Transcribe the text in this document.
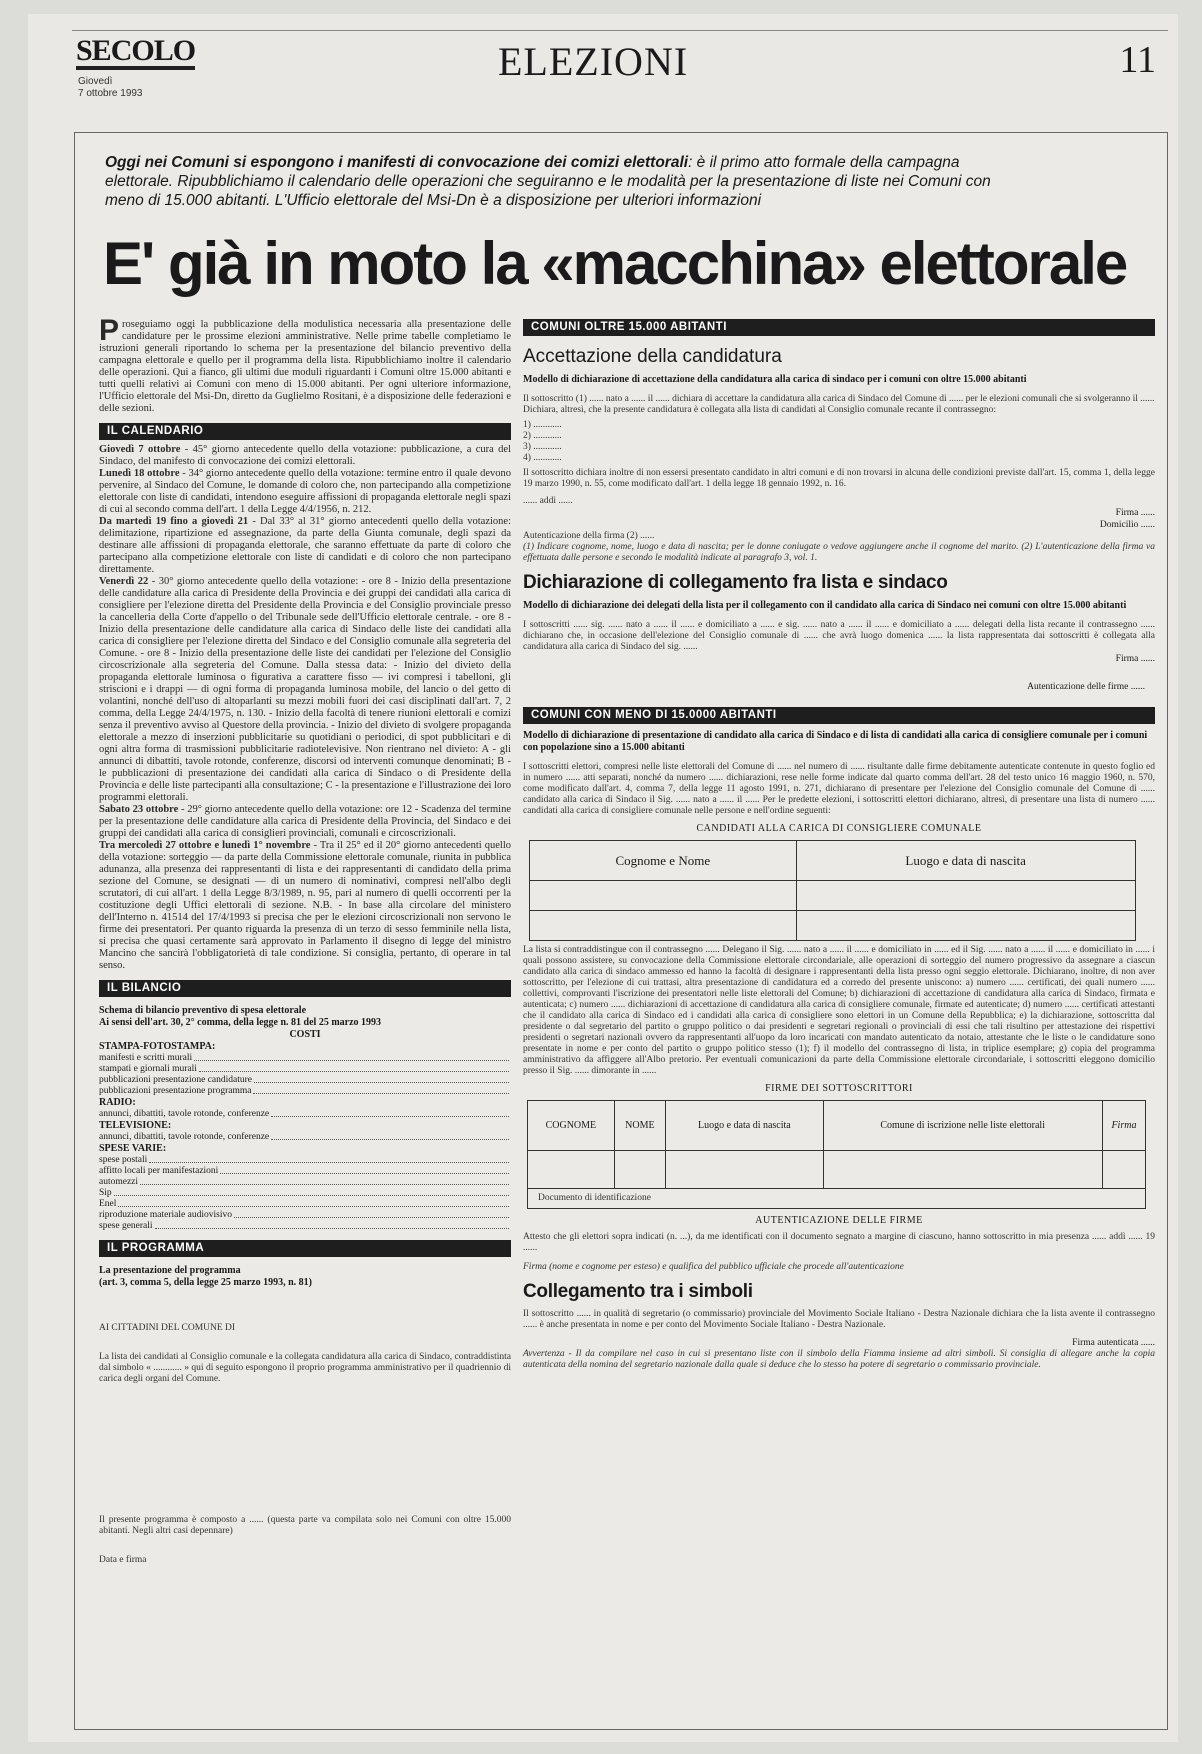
SECOLO
Giovedì
7 ottobre 1993
ELEZIONI	11
Oggi nei Comuni si espongono i manifesti di convocazione dei comizi elettorali: è il primo atto formale della campagna elettorale. Ripubblichiamo il calendario delle operazioni che seguiranno e le modalità per la presentazione di liste nei Comuni con meno di 15.000 abitanti. L'Ufficio elettorale del Msi-Dn è a disposizione per ulteriori informazioni
E' già in moto la «macchina» elettorale
Proseguiamo oggi la pubblicazione della modulistica necessaria alla presentazione delle candidature per le prossime elezioni amministrative. Nelle prime tabelle completiamo le istruzioni generali riportando lo schema per la presentazione del bilancio preventivo della campagna elettorale e quello per il programma della lista. Ripubblichiamo inoltre il calendario delle operazioni. Qui a fianco, gli ultimi due moduli riguardanti i Comuni oltre 15.000 abitanti e tutti quelli relativi ai Comuni con meno di 15.000 abitanti. Per ogni ulteriore informazione, l'Ufficio elettorale del Msi-Dn, diretto da Guglielmo Rositani, è a disposizione delle federazioni e delle sezioni.
IL CALENDARIO
Giovedì 7 ottobre - 45° giorno antecedente quello della votazione: pubblicazione, a cura del Sindaco, del manifesto di convocazione dei comizi elettorali.
Lunedì 18 ottobre - 34° giorno antecedente quello della votazione: termine entro il quale devono pervenire, al Sindaco del Comune, le domande di coloro che, non partecipando alla competizione elettorale con liste di candidati, intendono eseguire affissioni di propaganda elettorale negli spazi di cui al secondo comma dell'art. 1 della Legge 4/4/1956, n. 212.
Da martedì 19 fino a giovedì 21 - Dal 33° al 31° giorno antecedenti quello della votazione: delimitazione, ripartizione ed assegnazione, da parte della Giunta comunale, degli spazi da destinare alle affissioni di propaganda elettorale, che saranno effettuate da parte di coloro che partecipano alla competizione elettorale con liste di candidati e di coloro che non partecipano direttamente.
Venerdì 22 - 30° giorno antecedente quello della votazione: - ore 8 - Inizio della presentazione delle candidature alla carica di Presidente della Provincia e dei gruppi dei candidati alla carica di consigliere per l'elezione diretta del Presidente della Provincia e del Consiglio provinciale presso la cancelleria della Corte d'appello o del Tribunale sede dell'Ufficio elettorale centrale. - ore 8 - Inizio della presentazione delle candidature alla carica di Sindaco delle liste dei candidati alla carica di consigliere per l'elezione diretta del Sindaco e del Consiglio comunale alla segreteria del Comune. - ore 8 - Inizio della presentazione delle liste dei candidati per l'elezione del Consiglio circoscrizionale alla segreteria del Comune. Dalla stessa data: - Inizio del divieto della propaganda elettorale luminosa o figurativa a carattere fisso — ivi compresi i tabelloni, gli striscioni e i drappi — di ogni forma di propaganda luminosa mobile, del lancio o del getto di volantini, nonché dell'uso di altoparlanti su mezzi mobili fuori dei casi disciplinati dall'art. 7, 2 comma, della Legge 24/4/1975, n. 130. - Inizio della facoltà di tenere riunioni elettorali e comizi senza il preventivo avviso al Questore della provincia. - Inizio del divieto di svolgere propaganda elettorale a mezzo di inserzioni pubblicitarie su quotidiani o periodici, di spot pubblicitari e di ogni altra forma di trasmissioni pubblicitarie radiotelevisive. Non rientrano nel divieto: A - gli annunci di dibattiti, tavole rotonde, conferenze, discorsi od interventi comunque denominati; B - le pubblicazioni di presentazione dei candidati alla carica di Sindaco o di Presidente della Provincia e delle liste partecipanti alla consultazione; C - la presentazione e l'illustrazione dei loro programmi elettorali.
Sabato 23 ottobre - 29° giorno antecedente quello della votazione: ore 12 - Scadenza del termine per la presentazione delle candidature alla carica di Presidente della Provincia, del Sindaco e dei gruppi dei candidati alla carica di consiglieri provinciali, comunali e circoscrizionali.
Tra mercoledì 27 ottobre e lunedì 1° novembre - Tra il 25° ed il 20° giorno antecedenti quello della votazione: sorteggio — da parte della Commissione elettorale comunale, riunita in pubblica adunanza, alla presenza dei rappresentanti di lista e dei rappresentanti di candidato della prima sezione del Comune, se designati — di un numero di nominativi, compresi nell'albo degli scrutatori, di cui all'art. 1 della Legge 8/3/1989, n. 95, pari al numero di quelli occorrenti per la costituzione degli Uffici elettorali di sezione. N.B. - In base alla circolare del ministero dell'Interno n. 41514 del 17/4/1993 si precisa che per le elezioni circoscrizionali non servono le firme dei presentatori. Per quanto riguarda la presenza di un terzo di sesso femminile nella lista, si precisa che quasi certamente sarà approvato in Parlamento il disegno di legge del ministro Mancino che sancirà l'obbligatorietà di tale condizione. Si consiglia, pertanto, di operare in tal senso.
IL BILANCIO
Schema di bilancio preventivo di spesa elettorale
Ai sensi dell'art. 30, 2° comma, della legge n. 81 del 25 marzo 1993
COSTI
STAMPA-FOTOSTAMPA:
manifesti e scritti murali
stampati e giornali murali
pubblicazioni presentazione candidature
pubblicazioni presentazione programma
RADIO:
annunci, dibattiti, tavole rotonde, conferenze
TELEVISIONE:
annunci, dibattiti, tavole rotonde, conferenze
SPESE VARIE:
spese postali
affitto locali per manifestazioni
automezzi
Sip
Enel
riproduzione materiale audiovisivo
spese generali
IL PROGRAMMA
La presentazione del programma
(art. 3, comma 5, della legge 25 marzo 1993, n. 81)
AI CITTADINI DEL COMUNE DI
La lista dei candidati al Consiglio comunale e la collegata candidatura alla carica di Sindaco, contraddistinta dal simbolo « ............ » qui di seguito espongono il proprio programma amministrativo per il quadriennio di carica degli organi del Comune.
Il presente programma è composto a ...... (questa parte va compilata solo nei Comuni con oltre 15.000 abitanti. Negli altri casi depennare)
Data e firma
COMUNI OLTRE 15.000 ABITANTI
Accettazione della candidatura
Modello di dichiarazione di accettazione della candidatura alla carica di sindaco per i comuni con oltre 15.000 abitanti
Il sottoscritto (1) ...... nato a ...... il ...... dichiara di accettare la candidatura alla carica di Sindaco del Comune di ...... per le elezioni comunali che si svolgeranno il ......
Dichiara, altresì, che la presente candidatura è collegata alla lista di candidati al Consiglio comunale recante il contrassegno:
1) ............
2) ............
3) ............
4) ............
Il sottoscritto dichiara inoltre di non essersi presentato candidato in altri comuni e di non trovarsi in alcuna delle condizioni previste dall'art. 15, comma 1, della legge 19 marzo 1990, n. 55, come modificato dall'art. 1 della legge 18 gennaio 1992, n. 16.
...... addì ......
Firma ......
Domicilio ......
Autenticazione della firma (2) ......
(1) Indicare cognome, nome, luogo e data di nascita; per le donne coniugate o vedove aggiungere anche il cognome del marito. (2) L'autenticazione della firma va effettuata dalle persone e secondo le modalità indicate al paragrafo 3, vol. 1.
Dichiarazione di collegamento fra lista e sindaco
Modello di dichiarazione dei delegati della lista per il collegamento con il candidato alla carica di Sindaco nei comuni con oltre 15.000 abitanti
I sottoscritti ...... sig. ...... nato a ...... il ...... e domiciliato a ...... e sig. ...... nato a ...... il ...... e domiciliato a ...... delegati della lista recante il contrassegno ...... dichiarano che, in occasione dell'elezione del Consiglio comunale di ...... che avrà luogo domenica ...... la lista rappresentata dai sottoscritti è collegata alla candidatura alla carica di Sindaco del sig. ......
Firma ......
Autenticazione delle firme ......
COMUNI CON MENO DI 15.0000 ABITANTI
Modello di dichiarazione di presentazione di candidato alla carica di Sindaco e di lista di candidati alla carica di consigliere comunale per i comuni con popolazione sino a 15.000 abitanti
I sottoscritti elettori, compresi nelle liste elettorali del Comune di ...... nel numero di ...... risultante dalle firme debitamente autenticate contenute in questo foglio ed in numero ...... atti separati, nonché da numero ...... dichiarazioni, rese nelle forme indicate dal quarto comma dell'art. 28 del testo unico 16 maggio 1960, n. 570, come modificato dall'art. 4, comma 7, della legge 11 agosto 1991, n. 271, dichiarano di presentare per l'elezione del Consiglio comunale del Comune di ...... candidato alla carica di Sindaco il Sig. ...... nato a ...... il ...... Per le predette elezioni, i sottoscritti elettori dichiarano, altresì, di presentare una lista di numero ...... candidati alla carica di consigliere comunale nelle persone e nell'ordine seguenti:
CANDIDATI ALLA CARICA DI CONSIGLIERE COMUNALE
Cognome e Nome	Luogo e data di nascita

La lista si contraddistingue con il contrassegno ...... Delegano il Sig. ...... nato a ...... il ...... e domiciliato in ...... ed il Sig. ...... nato a ...... il ...... e domiciliato in ...... i quali possono assistere, su convocazione della Commissione elettorale circondariale, alle operazioni di sorteggio del numero progressivo da assegnare a ciascun candidato alla carica di sindaco ammesso ed hanno la facoltà di designare i rappresentanti della lista presso ogni seggio elettorale. Dichiarano, inoltre, di non aver sottoscritto, per l'elezione di cui trattasi, altra presentazione di candidatura ed a corredo del presente uniscono: a) numero ...... certificati, dei quali numero ...... collettivi, comprovanti l'iscrizione dei presentatori nelle liste elettorali del Comune; b) dichiarazioni di accettazione di candidatura alla carica di Sindaco, firmata e autenticata; c) numero ...... dichiarazioni di accettazione di candidatura alla carica di consigliere comunale, firmate ed autenticate; d) numero ...... certificati attestanti che il candidato alla carica di Sindaco ed i candidati alla carica di consigliere sono elettori in un Comune della Repubblica; e) la dichiarazione, sottoscritta dal presidente o dal segretario del partito o gruppo politico o dai presidenti e segretari regionali o provinciali di essi che tali risultino per attestazione dei rispettivi presidenti o segretari nazionali ovvero da rappresentanti all'uopo da loro incaricati con mandato autenticato da notaio, attestante che le liste o le candidature sono presentate in nome e per conto del partito o gruppo politico stesso (1); f) il modello del contrassegno di lista, in triplice esemplare; g) copia del programma amministrativo da affiggere all'Albo pretorio. Per eventuali comunicazioni da parte della Commissione elettorale circondariale, i sottoscritti eleggono domicilio presso il Sig. ...... dimorante in ......
FIRME DEI SOTTOSCRITTORI
COGNOME	NOME	Luogo e data di nascita	Comune di iscrizione nelle liste elettorali	Firma

Documento di identificazione				
AUTENTICAZIONE DELLE FIRME
Attesto che gli elettori sopra indicati (n. ...), da me identificati con il documento segnato a margine di ciascuno, hanno sottoscritto in mia presenza ...... addì ...... 19 ......
Firma (nome e cognome per esteso) e qualifica del pubblico ufficiale che procede all'autenticazione
Collegamento tra i simboli
Il sottoscritto ...... in qualità di segretario (o commissario) provinciale del Movimento Sociale Italiano - Destra Nazionale dichiara che la lista avente il contrassegno ...... è anche presentata in nome e per conto del Movimento Sociale Italiano - Destra Nazionale.
Firma autenticata ......
Avvertenza - Il da compilare nel caso in cui si presentano liste con il simbolo della Fiamma insieme ad altri simboli. Si consiglia di allegare anche la copia autenticata della nomina del segretario nazionale dalla quale si deduce che lo stesso ha potere di segretario o commissario provinciale.
